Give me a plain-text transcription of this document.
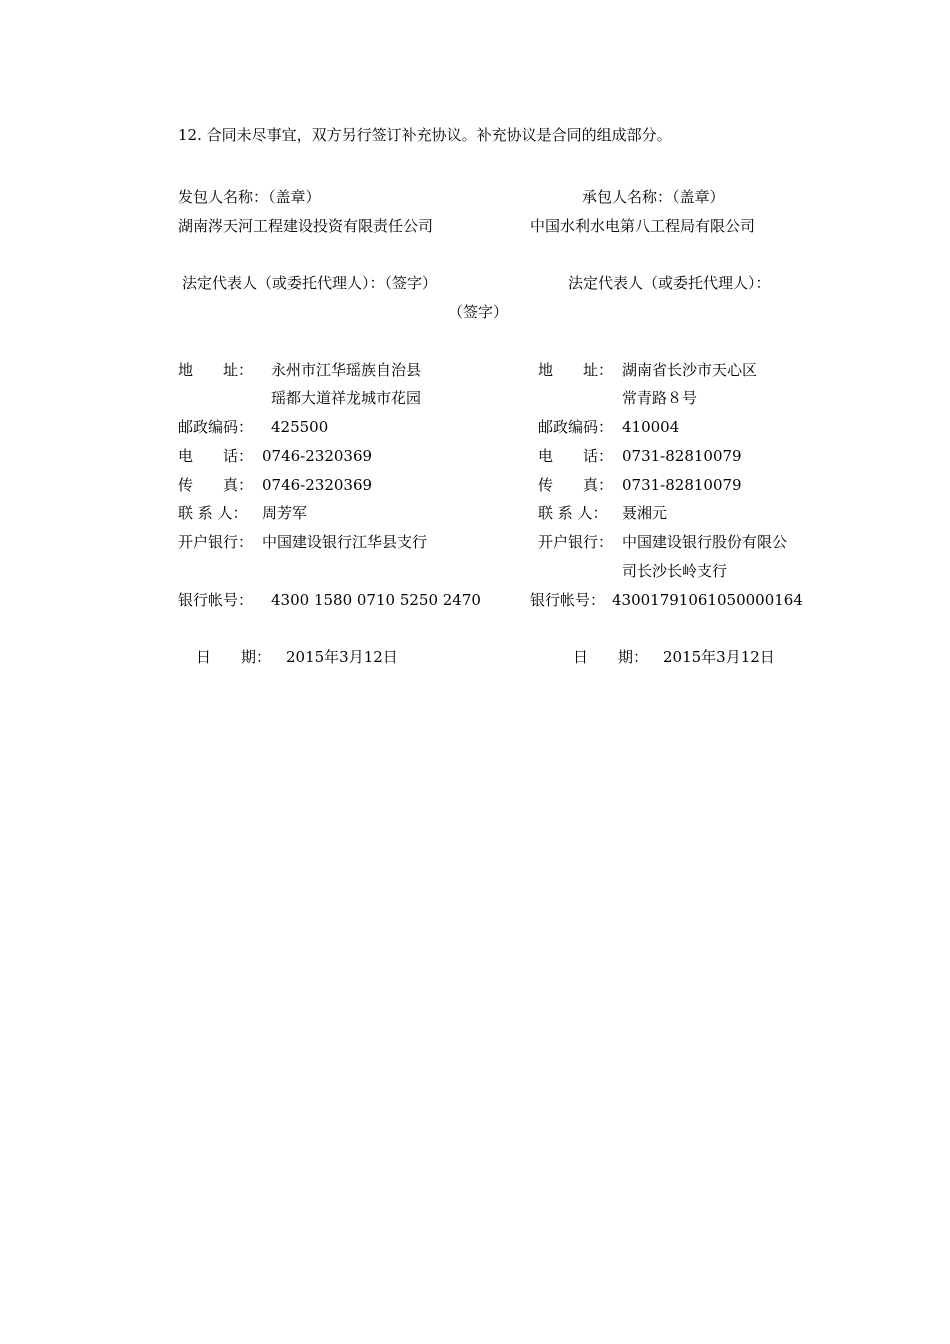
12. 合同未尽事宜，双方另行签订补充协议。补充协议是合同的组成部分。
发包人名称：（盖章）
湖南涔天河工程建设投资有限责任公司
法定代表人（或委托代理人）：（签字）
地　　址： 永州市江华瑶族自治县
瑶都大道祥龙城市花园
邮政编码： 425500
电　　话： 0746-2320369
传　　真： 0746-2320369
联 系 人： 周芳军
开户银行： 中国建设银行江华县支行
银行帐号： 4300 1580 0710 5250 2470
日　　期： 2015年3月12日
承包人名称：（盖章）
中国水利水电第八工程局有限公司
法定代表人（或委托代理人）：
（签字）
地　　址： 湖南省长沙市天心区
常青路８号
邮政编码： 410004
电　　话： 0731-82810079
传　　真： 0731-82810079
联 系 人： 聂湘元
开户银行： 中国建设银行股份有限公
司长沙长岭支行
银行帐号： 43001791061050000164
日　　期： 2015年3月12日
